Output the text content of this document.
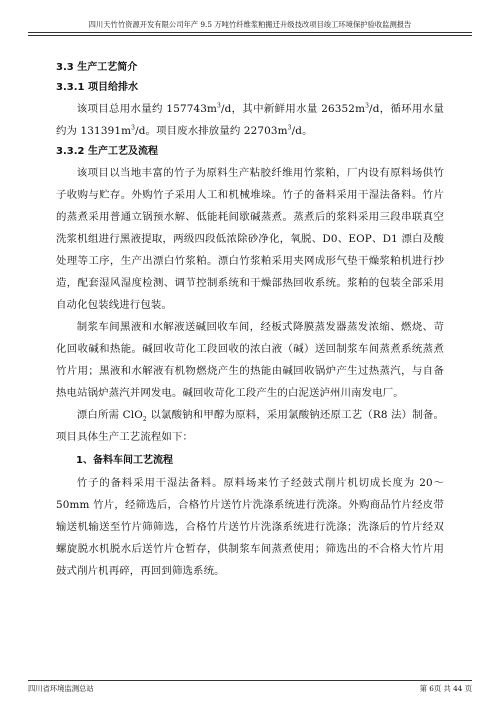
四川天竹竹资源开发有限公司年产 9.5 万吨竹纤维浆粕搬迁升级技改项目竣工环境保护验收监测报告
3.3 生产工艺简介
3.3.1 项目给排水

该项目总用水量约 $157743m^3/d$，其中新鲜用水量 $26352m^3/d$，循环用水量约为 $131391m^3/d$。项目废水排放量约 $22703m^3/d$。

3.3.2 生产工艺及流程

该项目以当地丰富的竹子为原料生产粘胶纤维用竹浆粕，厂内设有原料场供竹子收购与贮存。外购竹子采用人工和机械堆垛。竹子的备料采用干湿法备料。竹片的蒸煮采用普通立锅预水解、低能耗间歇碱蒸煮。蒸煮后的浆料采用三段串联真空洗浆机组进行黑液提取，两级四段低浓除砂净化，氧脱、D0、EOP、D1 漂白及酸处理等工序，生产出漂白竹浆粕。漂白竹浆粕采用夹网成形气垫干燥浆粕机进行抄造，配套湿风湿度检测、调节控制系统和干燥部热回收系统。浆粕的包装全部采用自动化包装线进行包装。

制浆车间黑液和水解液送碱回收车间，经板式降膜蒸发器蒸发浓缩、燃烧、苛化回收碱和热能。碱回收苛化工段回收的浓白液（碱）送回制浆车间蒸煮系统蒸煮竹片用；黑液和水解液有机物燃烧产生的热能由碱回收锅炉产生过热蒸汽，与自备热电站锅炉蒸汽并网发电。碱回收苛化工段产生的白泥送泸州川南发电厂。

漂白所需 ClO$_2$ 以氯酸钠和甲醇为原料，采用氯酸钠还原工艺（R8 法）制备。项目具体生产工艺流程如下：

1、备料车间工艺流程

竹子的备料采用干湿法备料。原料场来竹子经鼓式削片机切成长度为 20～50mm 竹片，经筛选后，合格竹片送竹片洗涤系统进行洗涤。外购商品竹片经皮带输送机输送至竹片筛筛选，合格竹片送竹片洗涤系统进行洗涤；洗涤后的竹片经双螺旋脱水机脱水后送竹片仓暂存，供制浆车间蒸煮使用；筛选出的不合格大竹片用鼓式削片机再碎，再回到筛选系统。

四川省环境监测总站	第 6页 共 44 页
